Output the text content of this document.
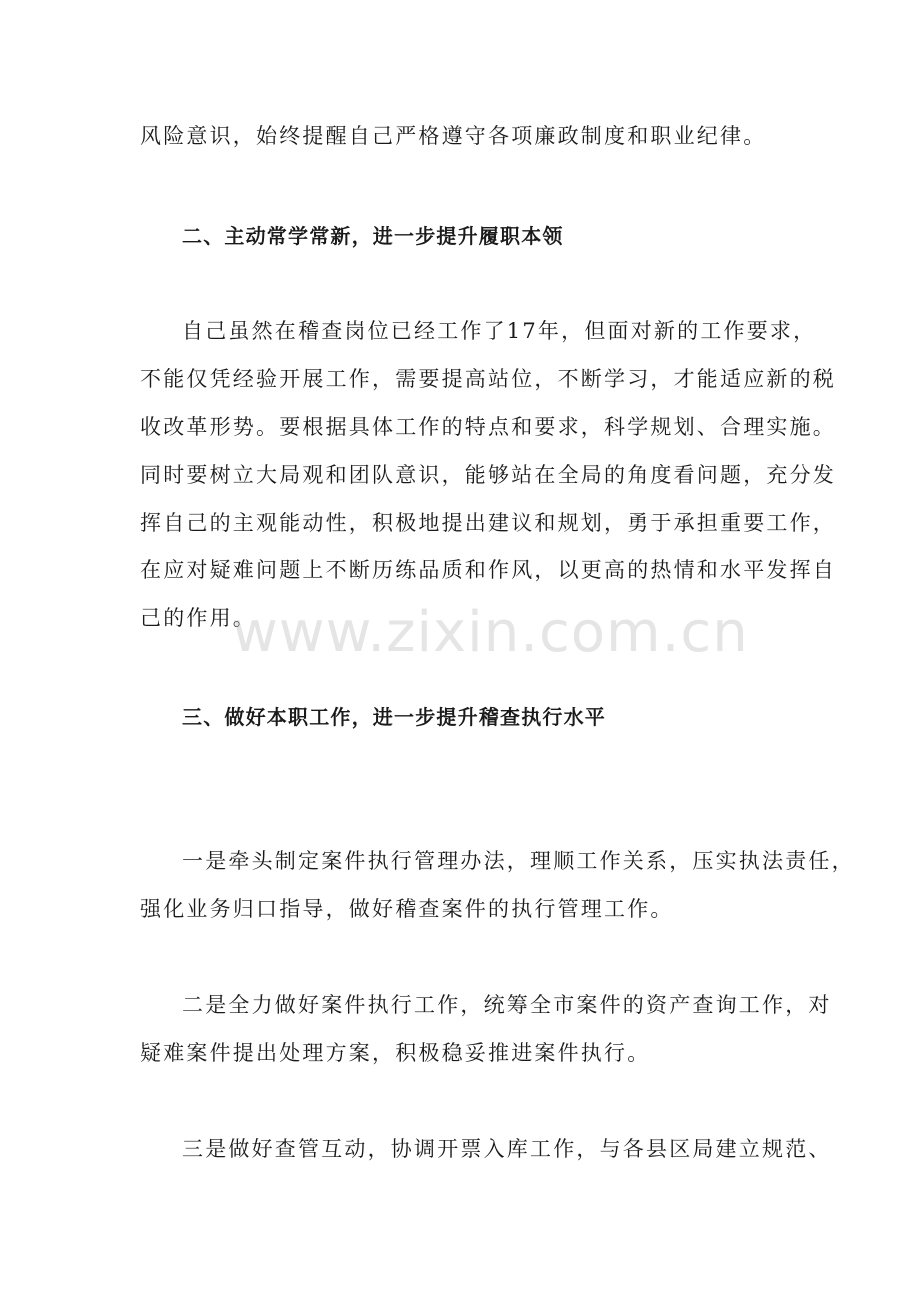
风险意识，始终提醒自己严格遵守各项廉政制度和职业纪律。
二、主动常学常新，进一步提升履职本领
自己虽然在稽查岗位已经工作了17年，但面对新的工作要求，
不能仅凭经验开展工作，需要提高站位，不断学习，才能适应新的税
收改革形势。要根据具体工作的特点和要求，科学规划、合理实施。
同时要树立大局观和团队意识，能够站在全局的角度看问题，充分发
挥自己的主观能动性，积极地提出建议和规划，勇于承担重要工作，
在应对疑难问题上不断历练品质和作风，以更高的热情和水平发挥自
己的作用。
三、做好本职工作，进一步提升稽查执行水平
一是牵头制定案件执行管理办法，理顺工作关系，压实执法责任，
强化业务归口指导，做好稽查案件的执行管理工作。
二是全力做好案件执行工作，统筹全市案件的资产查询工作，对
疑难案件提出处理方案，积极稳妥推进案件执行。
三是做好查管互动，协调开票入库工作，与各县区局建立规范、
www.zixin.com.cn
